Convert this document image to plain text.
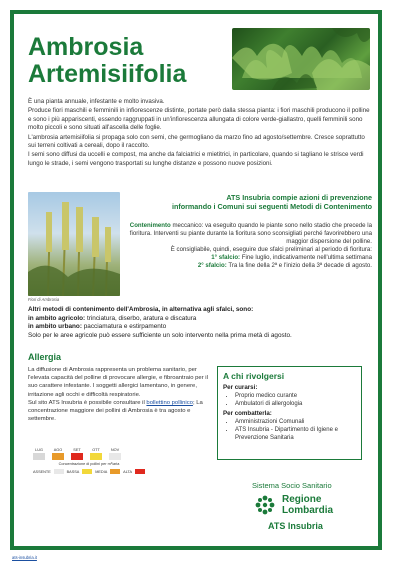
Ambrosia
Artemisiifolia

È una pianta annuale, infestante e molto invasiva.

Produce fiori maschili e femminili in infiorescenze distinte, portate però dalla stessa pianta: i fiori maschili producono il polline e sono i più appariscenti, essendo raggruppati in un'infiorescenza allungata di colore verde-giallastro, quelli femminili sono molto piccoli e sono situati all'ascella delle foglie.

L'ambrosia artemisiifolia si propaga solo con semi, che germogliano da marzo fino ad agosto/settembre. Cresce soprattutto sui terreni coltivati a cereali, dopo il raccolto.

I semi sono diffusi da uccelli e compost, ma anche da falciatrici e mietitrici, in particolare, quando si tagliano le strisce verdi lungo le strade, i semi vengono trasportati su lunghe distanze e possono nuove posizioni.

Fiori di Ambrosia
ATS Insubria compie azioni di prevenzione
informando i Comuni sui seguenti Metodi di Contenimento

Contenimento meccanico: va eseguito quando le piante sono nello stadio che precede la fioritura. Interventi su piante durante la fioritura sono sconsigliati perché favorirebbero una maggior dispersione del polline.

È consigliabile, quindi, eseguire due sfalci preliminari al periodo di fioritura:

1° sfalcio: Fine luglio, indicativamente nell'ultima settimana

2° sfalcio: Tra la fine della 2ª e l'inizio della 3ª decade di agosto.

Altri metodi di contenimento dell'Ambrosia, in alternativa agli sfalci, sono:

in ambito agricolo: trinciatura, diserbo, aratura e discatura

in ambito urbano: pacciamatura e estirpamento

Solo per le aree agricole può essere sufficiente un solo intervento nella prima metà di agosto.

Allergia

La diffusione di Ambrosia rappresenta un problema sanitario, per l'elevata capacità del polline di provocare allergie, e fibroantraio per il suo carattere infestante. I soggetti allergici lamentano, in genere, irritazione agli occhi e difficoltà respiratorie.

Sul sito ATS Insubria è possibile consultare il bollettino pollinico; La concentrazione maggiore dei pollini di Ambrosia è tra agosto e settembre.

LUG	AGO	SET	OTT	NOV
Concentrazione di pollini per m³/aria
ASSENTE	BASSA	MEDIA	ALTA
A chi rivolgersi
Per curarsi:
• Proprio medico curante
• Ambulatori di allergologia
Per combatterla:
• Amministrazioni Comunali
• ATS Insubria - Dipartimento di Igiene e Prevenzione Sanitaria
Sistema Socio Sanitario
Regione
Lombardia
ATS Insubria
ats-insubria.it
